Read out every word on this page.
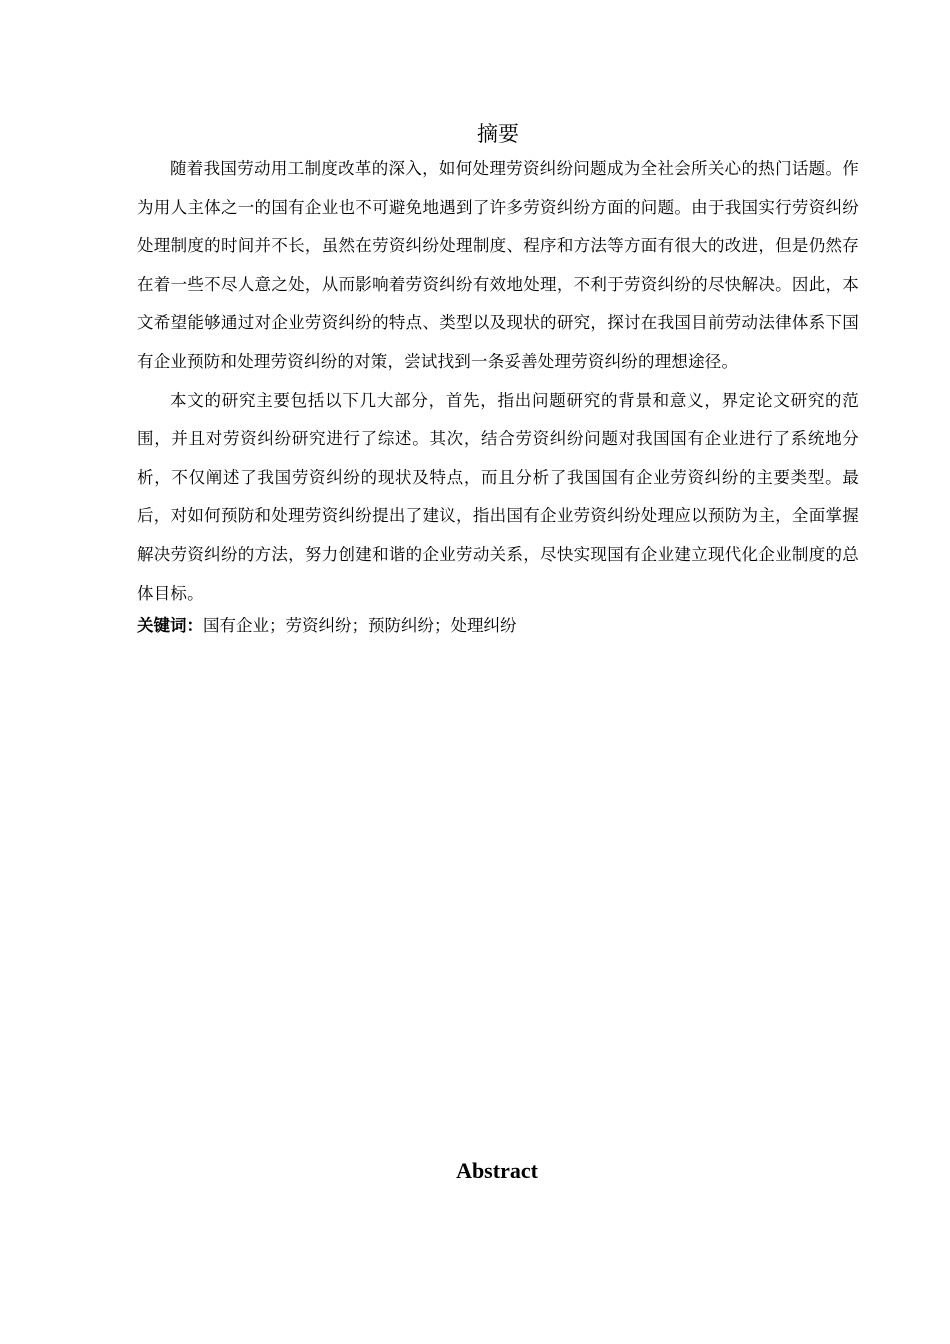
摘要

随着我国劳动用工制度改革的深入，如何处理劳资纠纷问题成为全社会所关心的热门话题。作为用人主体之一的国有企业也不可避免地遇到了许多劳资纠纷方面的问题。由于我国实行劳资纠纷处理制度的时间并不长，虽然在劳资纠纷处理制度、程序和方法等方面有很大的改进，但是仍然存在着一些不尽人意之处，从而影响着劳资纠纷有效地处理，不利于劳资纠纷的尽快解决。因此，本文希望能够通过对企业劳资纠纷的特点、类型以及现状的研究，探讨在我国目前劳动法律体系下国有企业预防和处理劳资纠纷的对策，尝试找到一条妥善处理劳资纠纷的理想途径。

本文的研究主要包括以下几大部分，首先，指出问题研究的背景和意义，界定论文研究的范围，并且对劳资纠纷研究进行了综述。其次，结合劳资纠纷问题对我国国有企业进行了系统地分析，不仅阐述了我国劳资纠纷的现状及特点，而且分析了我国国有企业劳资纠纷的主要类型。最后，对如何预防和处理劳资纠纷提出了建议，指出国有企业劳资纠纷处理应以预防为主，全面掌握解决劳资纠纷的方法，努力创建和谐的企业劳动关系，尽快实现国有企业建立现代化企业制度的总体目标。

关键词：国有企业；劳资纠纷；预防纠纷；处理纠纷

Abstract
